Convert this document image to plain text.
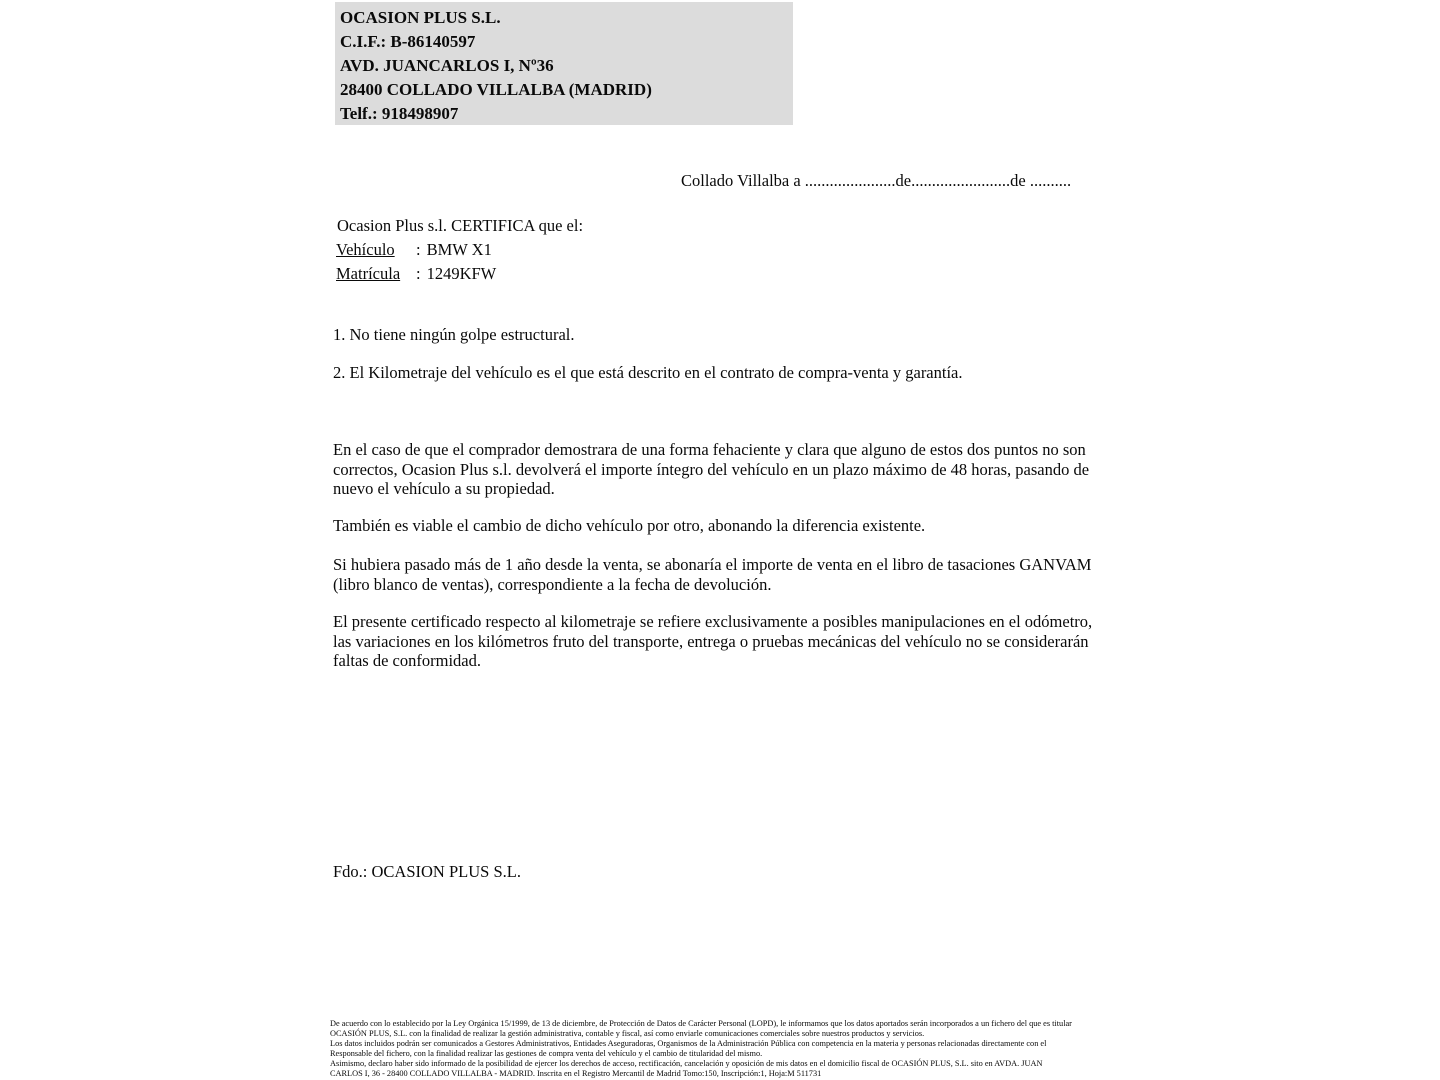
OCASION PLUS S.L.
C.I.F.: B-86140597
AVD. JUANCARLOS I, Nº36
28400 COLLADO VILLALBA (MADRID)
Telf.: 918498907
Collado Villalba a ......................de........................de ..........
Ocasion Plus s.l. CERTIFICA que el:
Vehículo : BMW X1
Matrícula : 1249KFW
1. No tiene ningún golpe estructural.
2. El Kilometraje del vehículo es el que está descrito en el contrato de compra-venta y garantía.
En el caso de que el comprador demostrara de una forma fehaciente y clara que alguno de estos dos puntos no son correctos, Ocasion Plus s.l. devolverá el importe íntegro del vehículo en un plazo máximo de 48 horas, pasando de nuevo el vehículo a su propiedad.
También es viable el cambio de dicho vehículo por otro, abonando la diferencia existente.
Si hubiera pasado más de 1 año desde la venta, se abonaría el importe de venta en el libro de tasaciones GANVAM (libro blanco de ventas), correspondiente a la fecha de devolución.
El presente certificado respecto al kilometraje se refiere exclusivamente a posibles manipulaciones en el odómetro, las variaciones en los kilómetros fruto del transporte, entrega o pruebas mecánicas del vehículo no se considerarán faltas de conformidad.
Fdo.: OCASION PLUS S.L.
De acuerdo con lo establecido por la Ley Orgánica 15/1999, de 13 de diciembre, de Protección de Datos de Carácter Personal (LOPD), le informamos que los datos aportados serán incorporados a un fichero del que es titular
OCASIÓN PLUS, S.L. con la finalidad de realizar la gestión administrativa, contable y fiscal, así como enviarle comunicaciones comerciales sobre nuestros productos y servicios.
Los datos incluidos podrán ser comunicados a Gestores Administrativos, Entidades Aseguradoras, Organismos de la Administración Pública con competencia en la materia y personas relacionadas directamente con el
Responsable del fichero, con la finalidad realizar las gestiones de compra venta del vehículo y el cambio de titularidad del mismo.
Asimismo, declaro haber sido informado de la posibilidad de ejercer los derechos de acceso, rectificación, cancelación y oposición de mis datos en el domicilio fiscal de OCASIÓN PLUS, S.L. sito en AVDA. JUAN
CARLOS I, 36 - 28400 COLLADO VILLALBA - MADRID. Inscrita en el Registro Mercantil de Madrid Tomo:150, Inscripción:1, Hoja:M 511731
